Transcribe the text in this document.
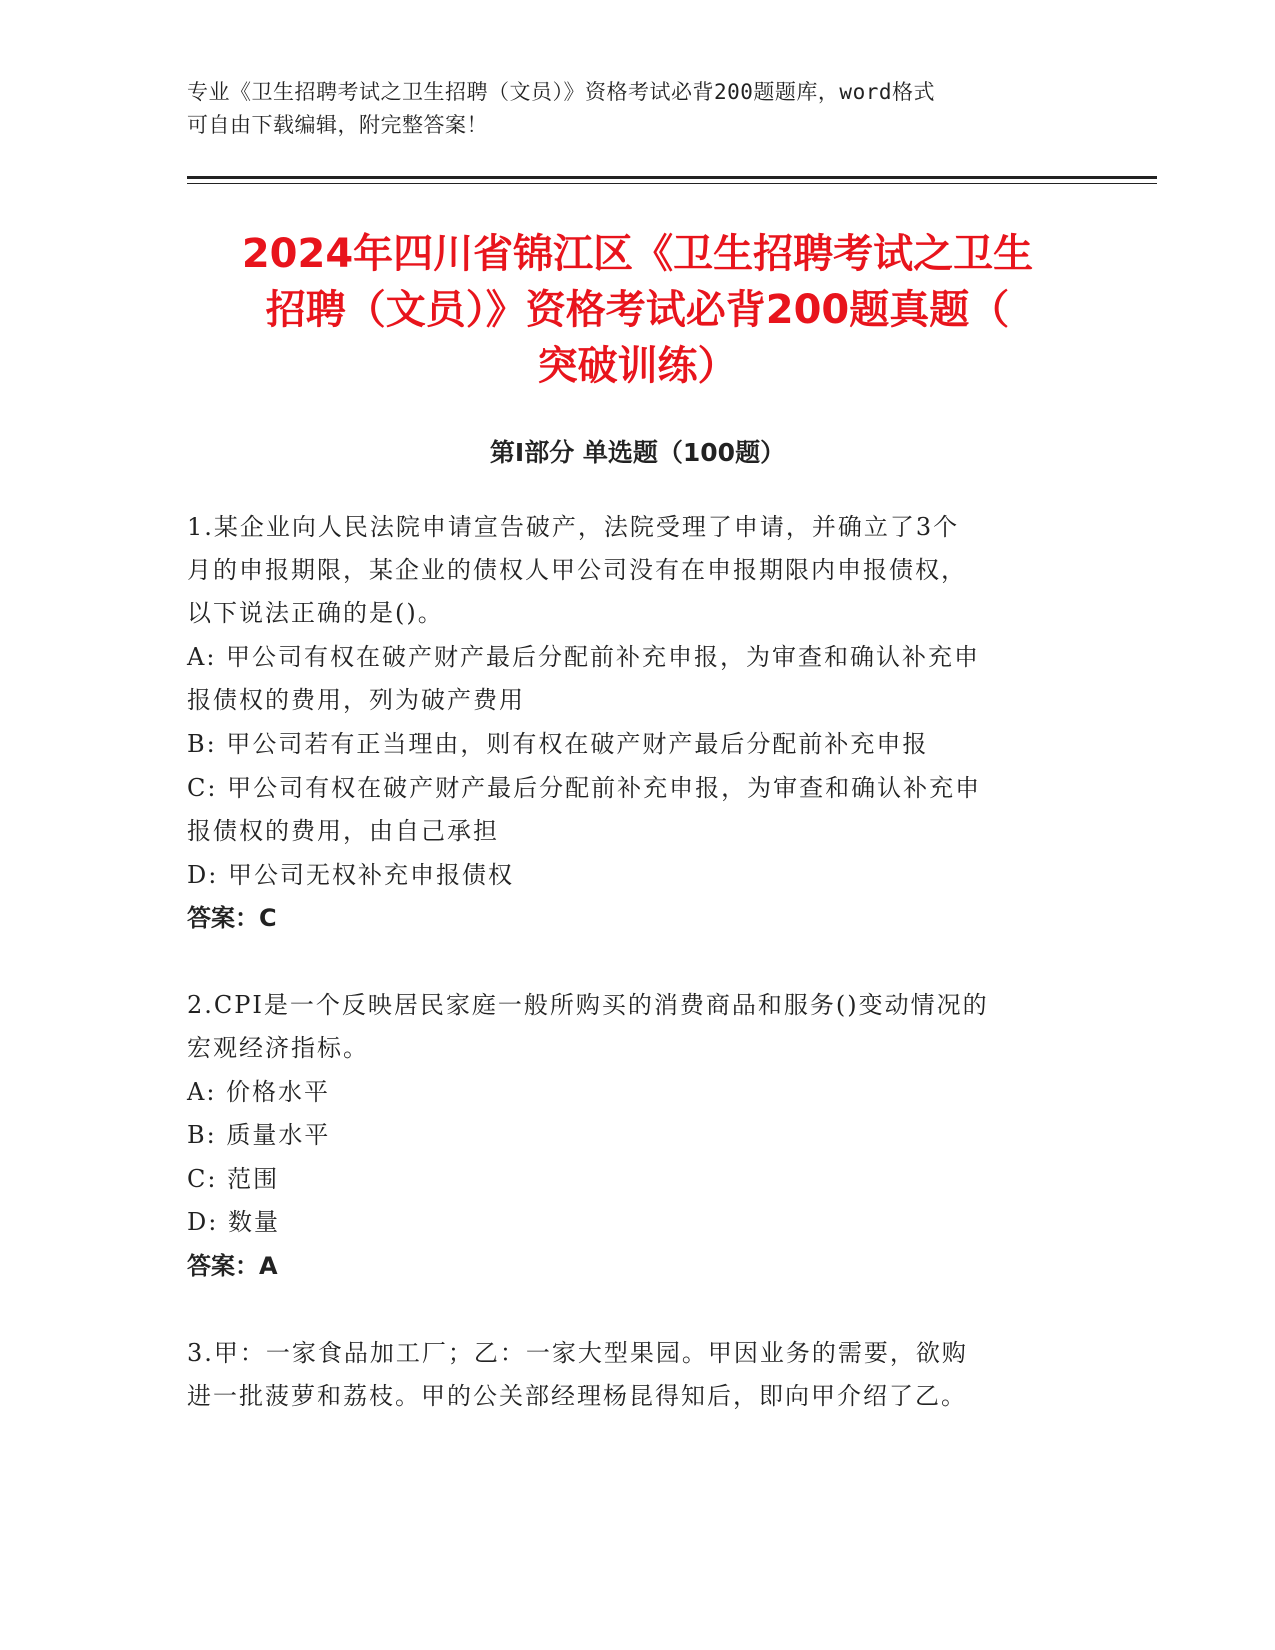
专业《卫生招聘考试之卫生招聘（文员）》资格考试必背200题题库，word格式
可自由下载编辑，附完整答案！
2024年四川省锦江区《卫生招聘考试之卫生
招聘（文员）》资格考试必背200题真题（
突破训练）
第Ⅰ部分 单选题（100题）
1.某企业向人民法院申请宣告破产，法院受理了申请，并确立了3个
月的申报期限，某企业的债权人甲公司没有在申报期限内申报债权，
以下说法正确的是()。
A: 甲公司有权在破产财产最后分配前补充申报，为审查和确认补充申
报债权的费用，列为破产费用
B: 甲公司若有正当理由，则有权在破产财产最后分配前补充申报
C: 甲公司有权在破产财产最后分配前补充申报，为审查和确认补充申
报债权的费用，由自己承担
D: 甲公司无权补充申报债权
答案：C
2.CPI是一个反映居民家庭一般所购买的消费商品和服务()变动情况的
宏观经济指标。
A: 价格水平
B: 质量水平
C: 范围
D: 数量
答案：A
3.甲：一家食品加工厂；乙：一家大型果园。甲因业务的需要，欲购
进一批菠萝和荔枝。甲的公关部经理杨昆得知后，即向甲介绍了乙。
